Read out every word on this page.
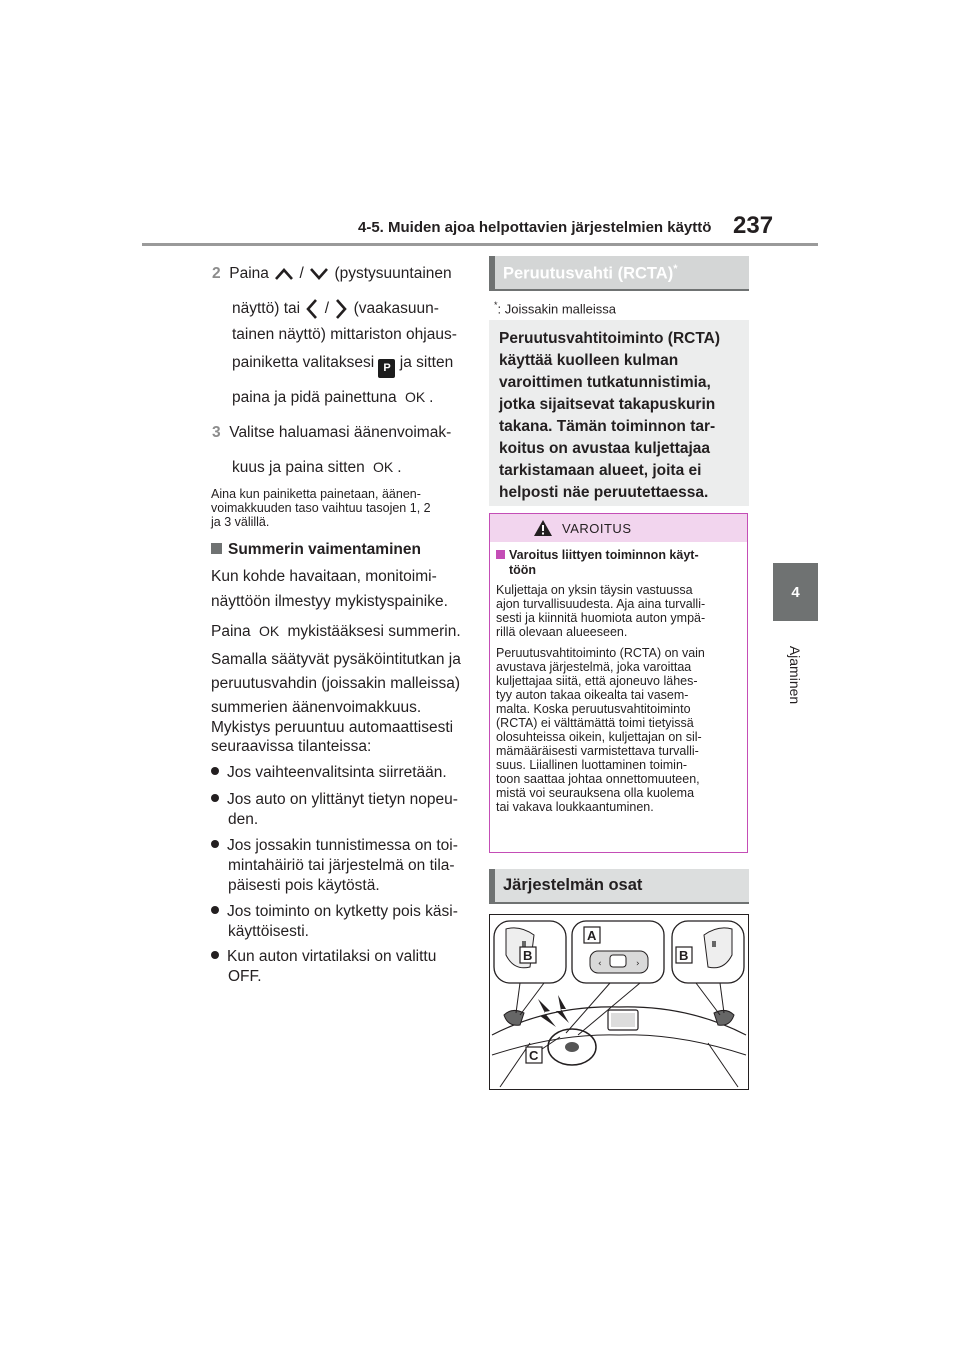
4-5. Muiden ajoa helpottavien järjestelmien käyttö 237
4
Ajaminen
2 Paina / (pystysuuntainen
näyttö) tai / (vaakasuun-
tainen näyttö) mittariston ohjaus-
painiketta valitaksesi P ja sitten
paina ja pidä painettuna OK .
3 Valitse haluamasi äänenvoimak-
kuus ja paina sitten OK .
Aina kun painiketta painetaan, äänen-
voimakkuuden taso vaihtuu tasojen 1, 2
ja 3 välillä.
Summerin vaimentaminen
Kun kohde havaitaan, monitoimi-
näyttöön ilmestyy mykistyspainike.
Paina OK mykistääksesi summerin.
Samalla säätyvät pysäköintitutkan ja
peruutusvahdin (joissakin malleissa)
summerien äänenvoimakkuus.
Mykistys peruuntuu automaattisesti
seuraavissa tilanteissa:
Jos vaihteenvalitsinta siirretään.
Jos auto on ylittänyt tietyn nopeu-
den.
Jos jossakin tunnistimessa on toi-
mintahäiriö tai järjestelmä on tila-
päisesti pois käytöstä.
Jos toiminto on kytketty pois käsi-
käyttöisesti.
Kun auton virtatilaksi on valittu
OFF.
Peruutusvahti (RCTA)*
*: Joissakin malleissa
Peruutusvahtitoiminto (RCTA)
käyttää kuolleen kulman
varoittimen tutkatunnistimia,
jotka sijaitsevat takapuskurin
takana. Tämän toiminnon tar-
koitus on avustaa kuljettajaa
tarkistamaan alueet, joita ei
helposti näe peruutettaessa.
VAROITUS
Varoitus liittyen toiminnon käyt-
töön
Kuljettaja on yksin täysin vastuussa
ajon turvallisuudesta. Aja aina turvalli-
sesti ja kiinnitä huomiota auton ympä-
rillä olevaan alueeseen.
Peruutusvahtitoiminto (RCTA) on vain
avustava järjestelmä, joka varoittaa
kuljettajaa siitä, että ajoneuvo lähes-
tyy auton takaa oikealta tai vasem-
malta. Koska peruutusvahtitoiminto
(RCTA) ei välttämättä toimi tietyissä
olosuhteissa oikein, kuljettajan on sil-
mämääräisesti varmistettava turvalli-
suus. Liiallinen luottaminen toimin-
toon saattaa johtaa onnettomuuteen,
mistä voi seurauksena olla kuolema
tai vakava loukkaantuminen.
Järjestelmän osat
‹	›
A
B	B
C
